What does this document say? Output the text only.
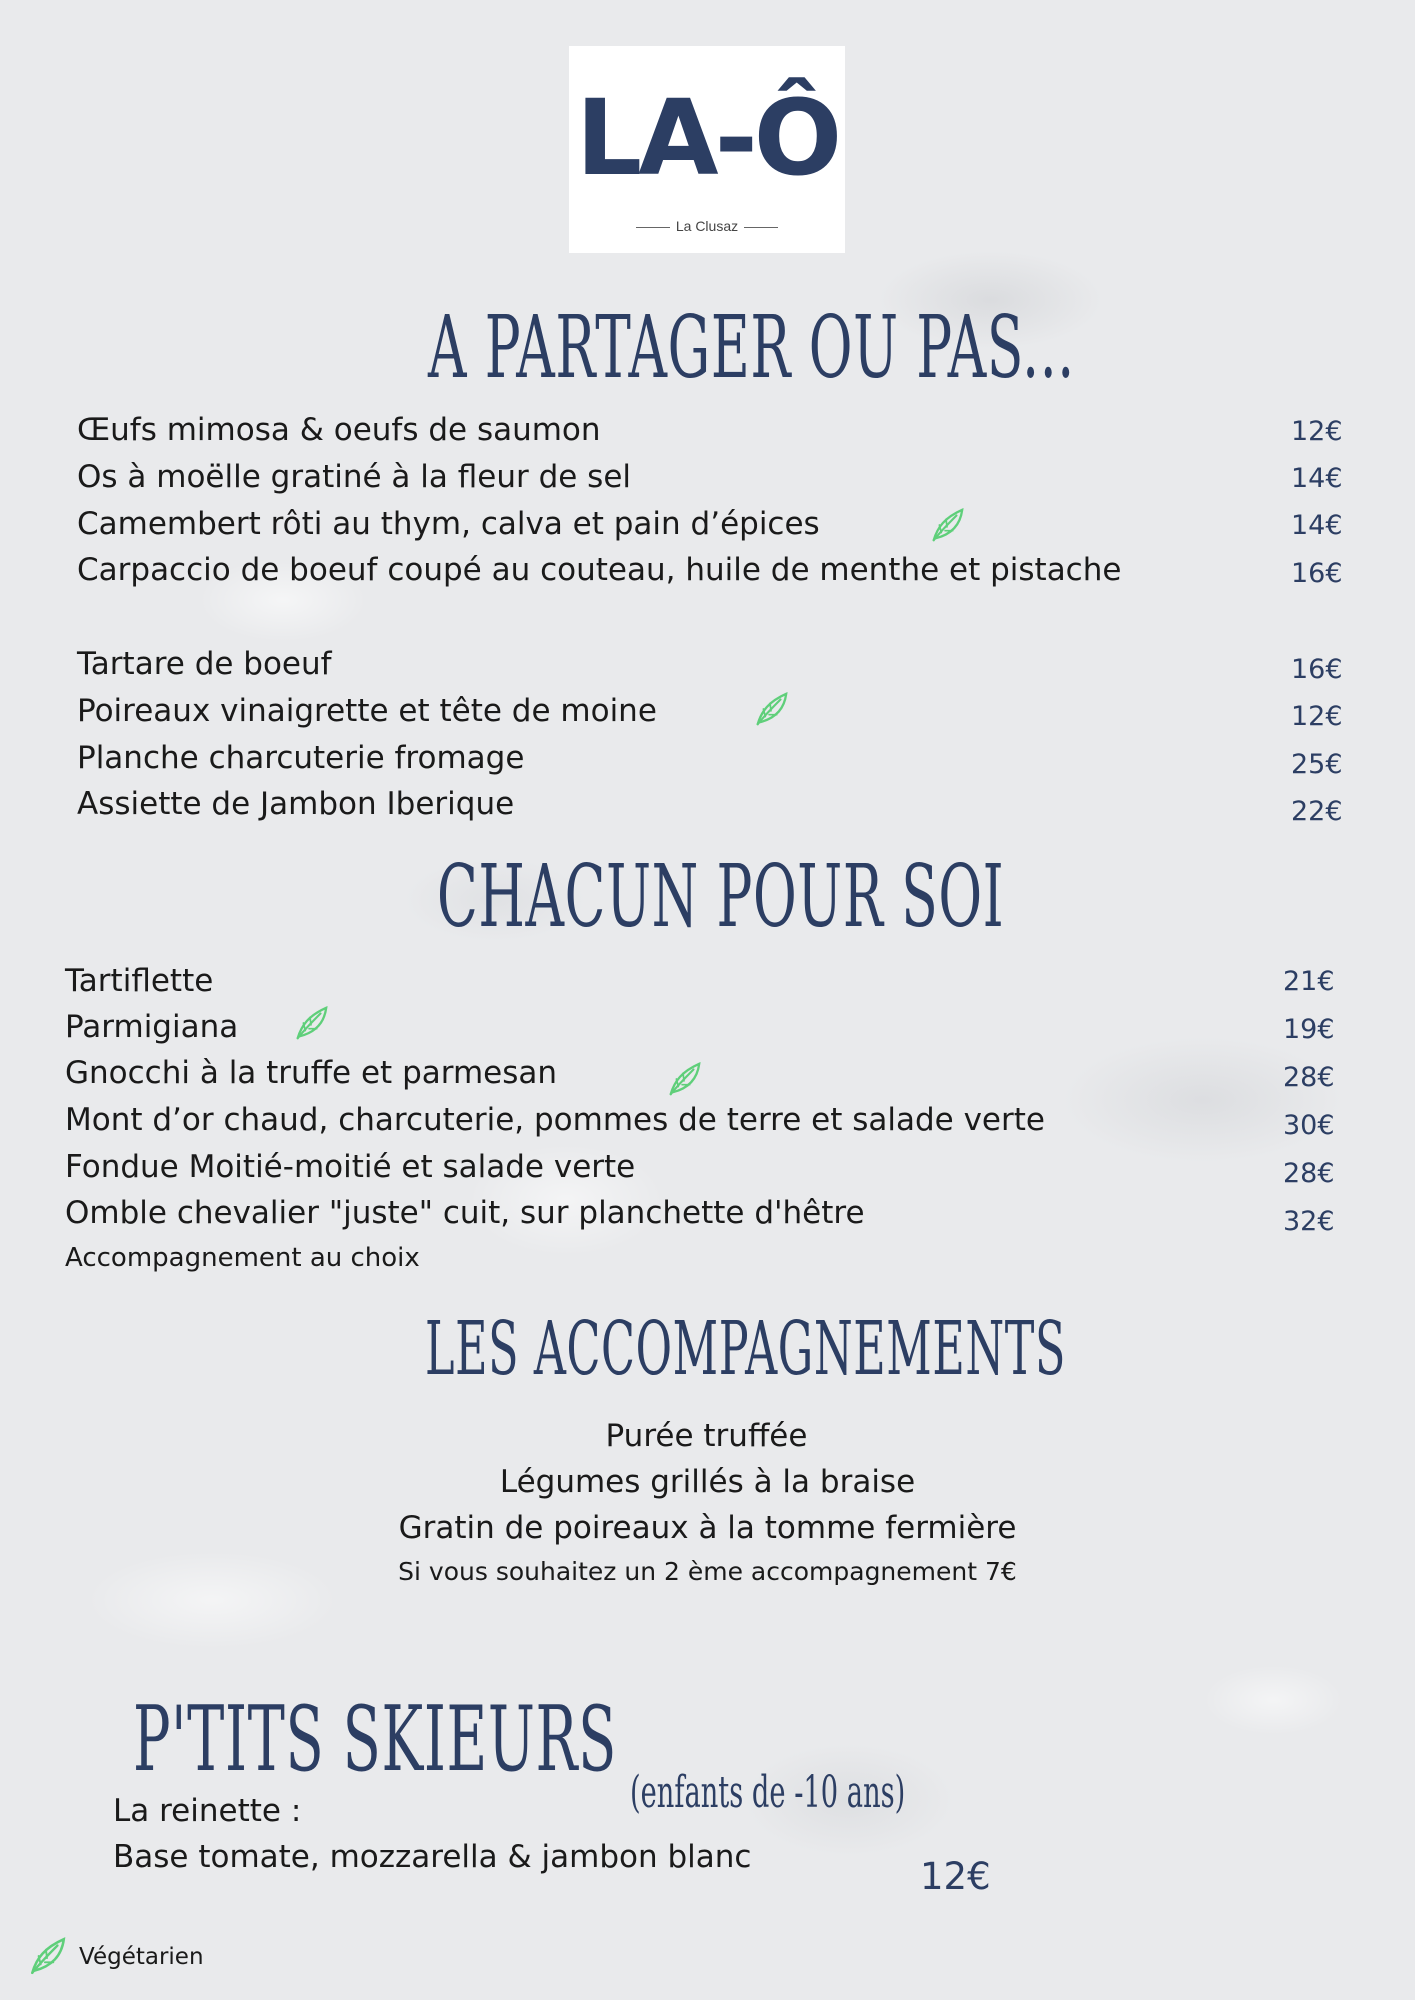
LA-Ô
La Clusaz
A PARTAGER OU PAS...
Œufs mimosa & oeufs de saumon	12€
Os à moëlle gratiné à la fleur de sel	14€
Camembert rôti au thym, calva et pain d’épices	14€
Carpaccio de boeuf coupé au couteau, huile de menthe et pistache	16€
Tartare de boeuf	16€
Poireaux vinaigrette et tête de moine	12€
Planche charcuterie fromage	25€
Assiette de Jambon Iberique	22€
CHACUN POUR SOI
Tartiflette	21€
Parmigiana	19€
Gnocchi à la truffe et parmesan	28€
Mont d’or chaud, charcuterie, pommes de terre et salade verte	30€
Fondue Moitié-moitié et salade verte	28€
Omble chevalier "juste" cuit, sur planchette d'hêtre	32€
Accompagnement au choix
LES ACCOMPAGNEMENTS
Purée truffée
Légumes grillés à la braise
Gratin de poireaux à la tomme fermière
Si vous souhaitez un 2 ème accompagnement 7€
P'TITS SKIEURS
(enfants de -10 ans)
La reinette :
Base tomate, mozzarella & jambon blanc	12€
Végétarien
